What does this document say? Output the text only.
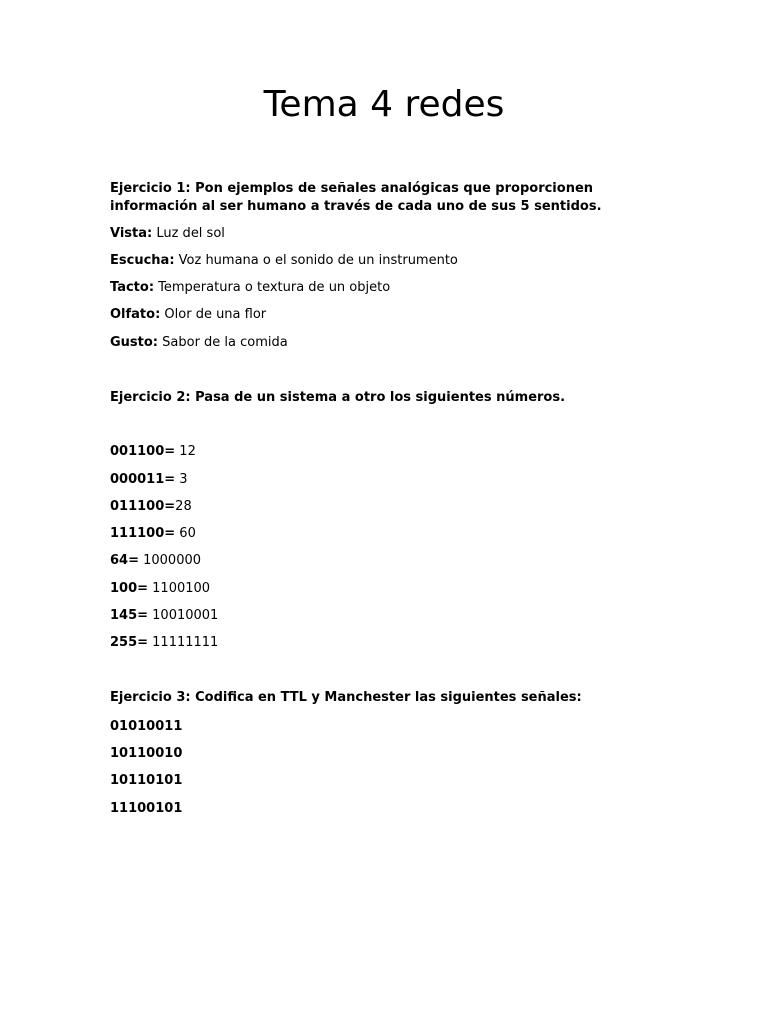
Tema 4 redes

Ejercicio 1: Pon ejemplos de señales analógicas que proporcionen información al ser humano a través de cada uno de sus 5 sentidos.

Vista: Luz del sol

Escucha: Voz humana o el sonido de un instrumento

Tacto: Temperatura o textura de un objeto

Olfato: Olor de una flor

Gusto: Sabor de la comida

Ejercicio 2: Pasa de un sistema a otro los siguientes números.

001100= 12

000011= 3

011100=28

111100= 60

64= 1000000

100= 1100100

145= 10010001

255= 11111111

Ejercicio 3: Codifica en TTL y Manchester las siguientes señales:

01010011

10110010

10110101

11100101
